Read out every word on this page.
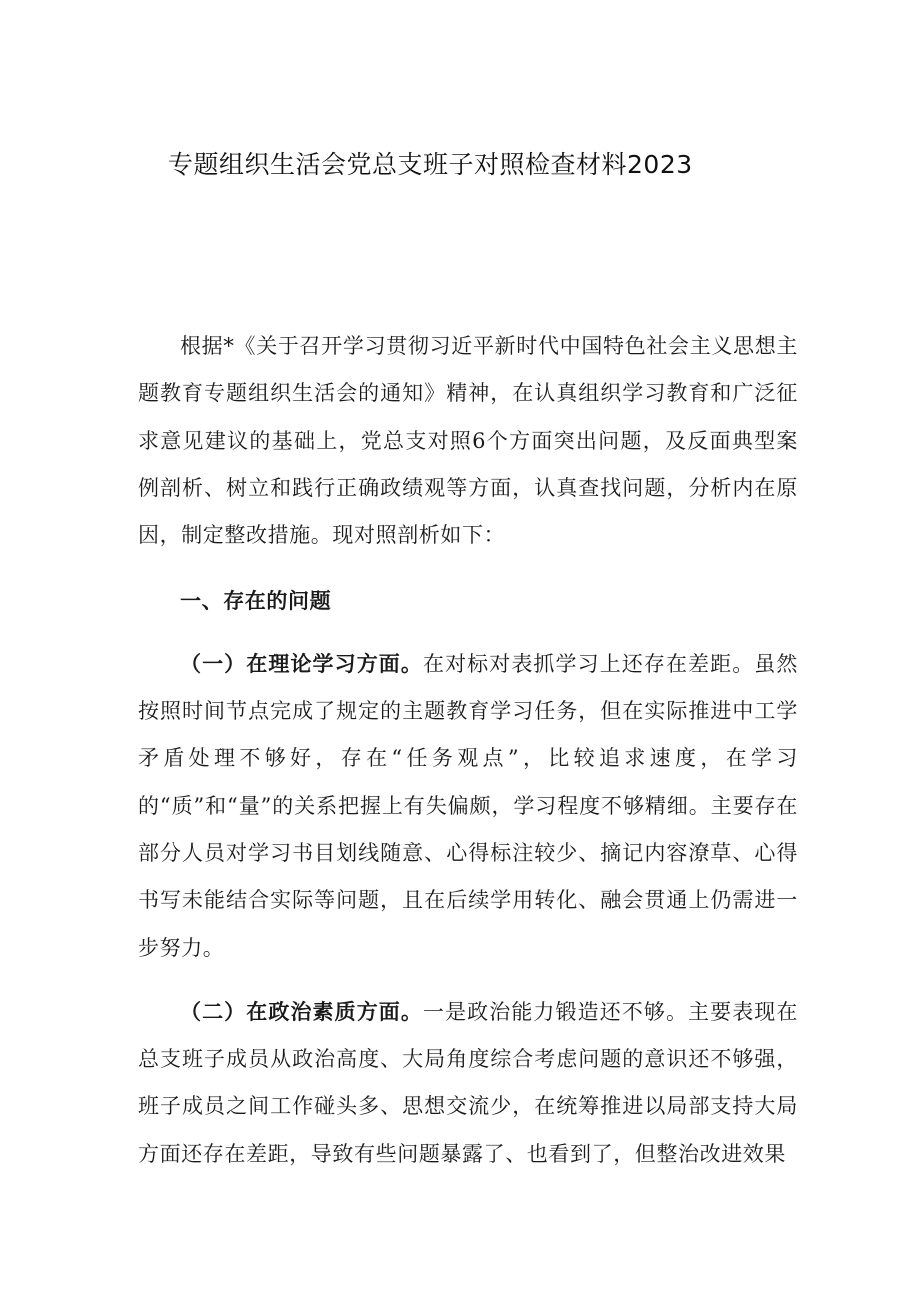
专题组织生活会党总支班子对照检查材料2023

根据*《关于召开学习贯彻习近平新时代中国特色社会主义思想主题教育专题组织生活会的通知》精神，在认真组织学习教育和广泛征求意见建议的基础上，党总支对照6个方面突出问题，及反面典型案例剖析、树立和践行正确政绩观等方面，认真查找问题，分析内在原因，制定整改措施。现对照剖析如下：

一、存在的问题

（一）在理论学习方面。在对标对表抓学习上还存在差距。虽然按照时间节点完成了规定的主题教育学习任务，但在实际推进中工学矛盾处理不够好，存在“任务观点”，比较追求速度，在学习的“质”和“量”的关系把握上有失偏颇，学习程度不够精细。主要存在部分人员对学习书目划线随意、心得标注较少、摘记内容潦草、心得书写未能结合实际等问题，且在后续学用转化、融会贯通上仍需进一步努力。

（二）在政治素质方面。一是政治能力锻造还不够。主要表现在总支班子成员从政治高度、大局角度综合考虑问题的意识还不够强，班子成员之间工作碰头多、思想交流少，在统筹推进以局部支持大局方面还存在差距，导致有些问题暴露了、也看到了，但整治改进效果
